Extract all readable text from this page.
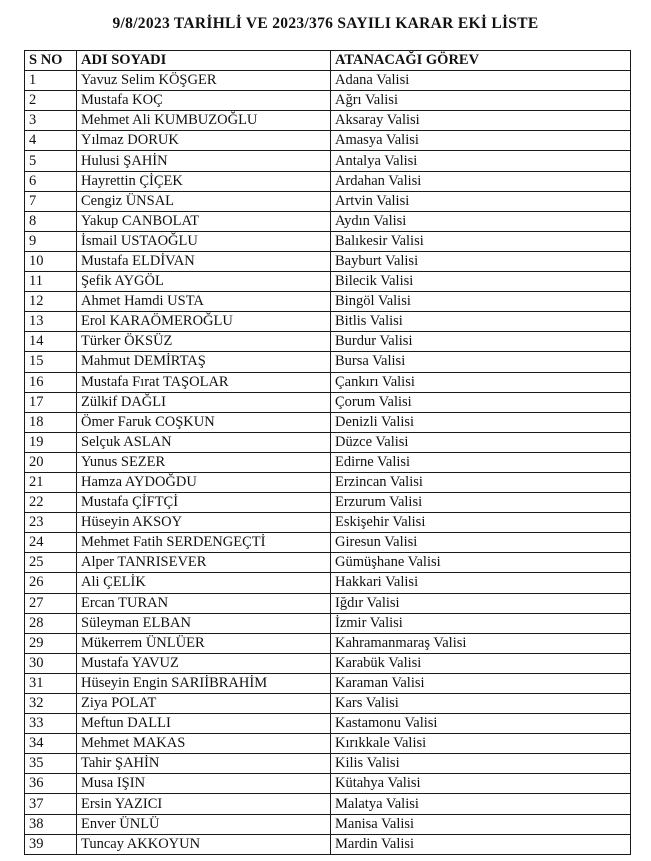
9/8/2023 TARİHLİ VE 2023/376 SAYILI KARAR EKİ LİSTE
S NO	ADI SOYADI	ATANACAĞI GÖREV
1	Yavuz Selim KÖŞGER	Adana Valisi
2	Mustafa KOÇ	Ağrı Valisi
3	Mehmet Ali KUMBUZOĞLU	Aksaray Valisi
4	Yılmaz DORUK	Amasya Valisi
5	Hulusi ŞAHİN	Antalya Valisi
6	Hayrettin ÇİÇEK	Ardahan Valisi
7	Cengiz ÜNSAL	Artvin Valisi
8	Yakup CANBOLAT	Aydın Valisi
9	İsmail USTAOĞLU	Balıkesir Valisi
10	Mustafa ELDİVAN	Bayburt Valisi
11	Şefik AYGÖL	Bilecik Valisi
12	Ahmet Hamdi USTA	Bingöl Valisi
13	Erol KARAÖMEROĞLU	Bitlis Valisi
14	Türker ÖKSÜZ	Burdur Valisi
15	Mahmut DEMİRTAŞ	Bursa Valisi
16	Mustafa Fırat TAŞOLAR	Çankırı Valisi
17	Zülkif DAĞLI	Çorum Valisi
18	Ömer Faruk COŞKUN	Denizli Valisi
19	Selçuk ASLAN	Düzce Valisi
20	Yunus SEZER	Edirne Valisi
21	Hamza AYDOĞDU	Erzincan Valisi
22	Mustafa ÇİFTÇİ	Erzurum Valisi
23	Hüseyin AKSOY	Eskişehir Valisi
24	Mehmet Fatih SERDENGEÇTİ	Giresun Valisi
25	Alper TANRISEVER	Gümüşhane Valisi
26	Ali ÇELİK	Hakkari Valisi
27	Ercan TURAN	Iğdır Valisi
28	Süleyman ELBAN	İzmir Valisi
29	Mükerrem ÜNLÜER	Kahramanmaraş Valisi
30	Mustafa YAVUZ	Karabük Valisi
31	Hüseyin Engin SARIİBRAHİM	Karaman Valisi
32	Ziya POLAT	Kars Valisi
33	Meftun DALLI	Kastamonu Valisi
34	Mehmet MAKAS	Kırıkkale Valisi
35	Tahir ŞAHİN	Kilis Valisi
36	Musa IŞIN	Kütahya Valisi
37	Ersin YAZICI	Malatya Valisi
38	Enver ÜNLÜ	Manisa Valisi
39	Tuncay AKKOYUN	Mardin Valisi
